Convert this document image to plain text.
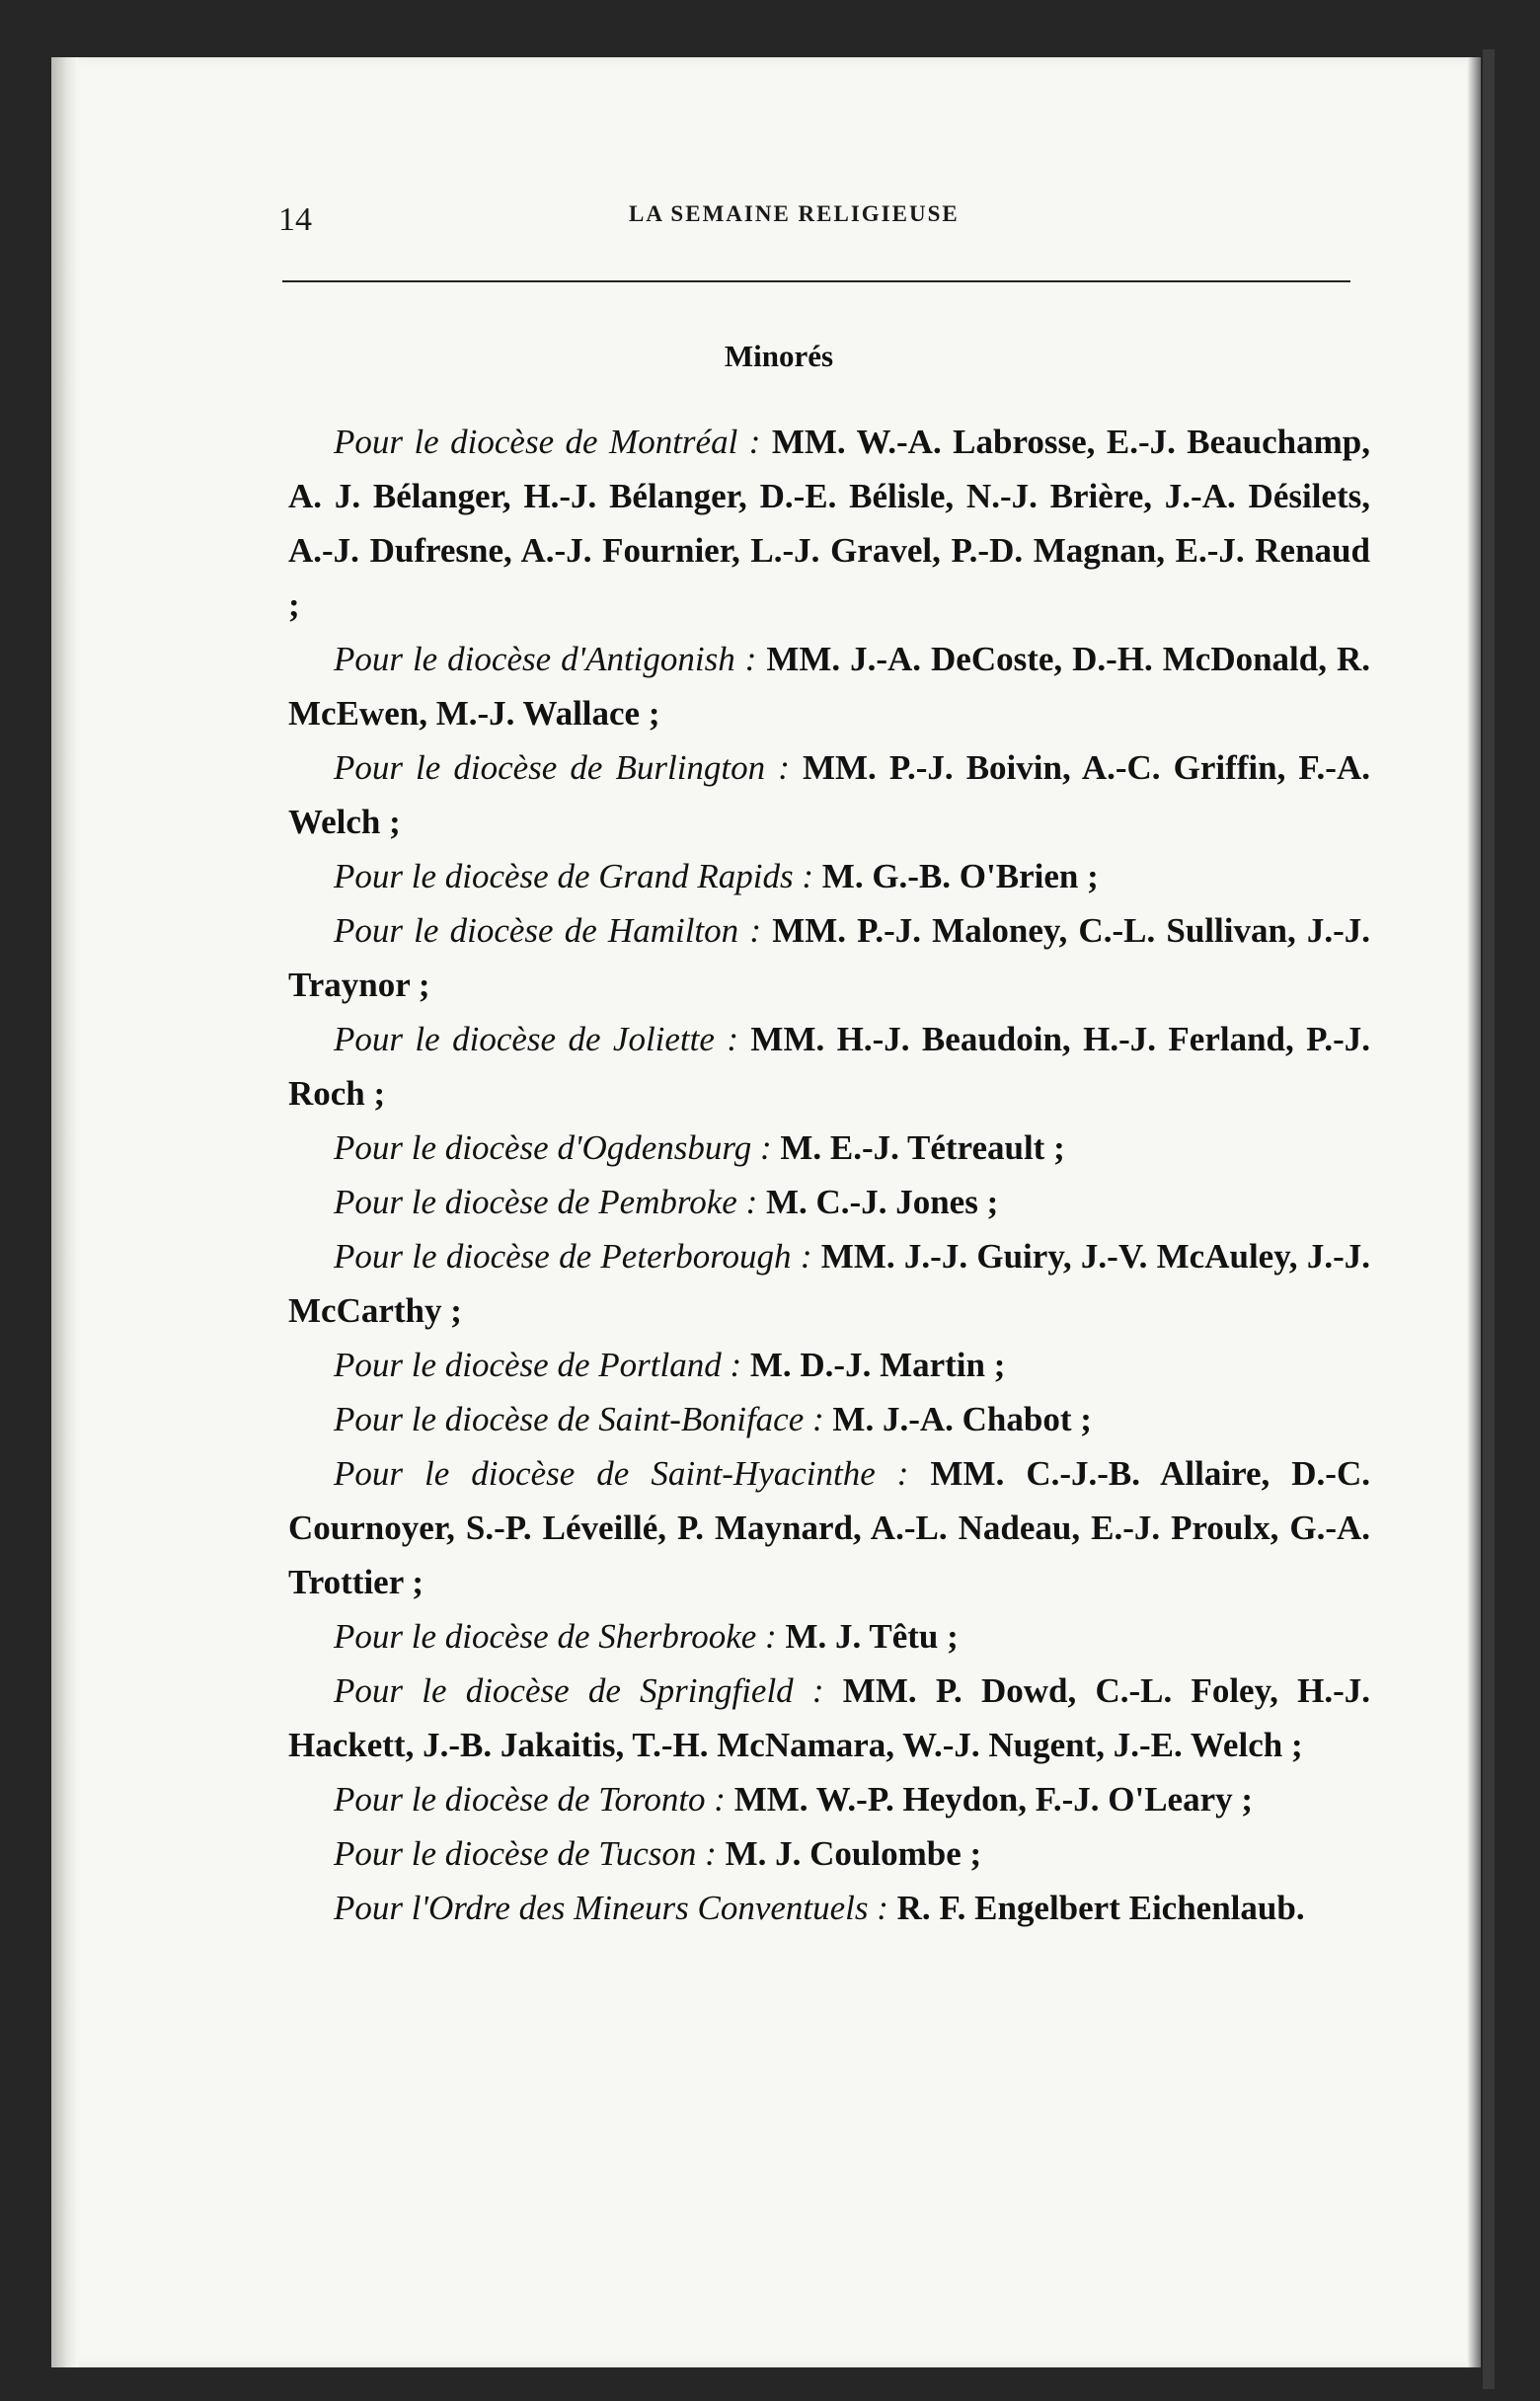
14	LA SEMAINE RELIGIEUSE
Minorés

Pour le diocèse de Montréal : MM. W.-A. Labrosse, E.-J. Beauchamp, A. J. Bélanger, H.-J. Bélanger, D.-E. Bélisle, N.-J. Brière, J.-A. Désilets, A.-J. Dufresne, A.-J. Fournier, L.-J. Gravel, P.-D. Magnan, E.-J. Renaud ;

Pour le diocèse d'Antigonish : MM. J.-A. DeCoste, D.-H. McDonald, R. McEwen, M.-J. Wallace ;

Pour le diocèse de Burlington : MM. P.-J. Boivin, A.-C. Griffin, F.-A. Welch ;

Pour le diocèse de Grand Rapids : M. G.-B. O'Brien ;

Pour le diocèse de Hamilton : MM. P.-J. Maloney, C.-L. Sullivan, J.-J. Traynor ;

Pour le diocèse de Joliette : MM. H.-J. Beaudoin, H.-J. Ferland, P.-J. Roch ;

Pour le diocèse d'Ogdensburg : M. E.-J. Tétreault ;

Pour le diocèse de Pembroke : M. C.-J. Jones ;

Pour le diocèse de Peterborough : MM. J.-J. Guiry, J.-V. McAuley, J.-J. McCarthy ;

Pour le diocèse de Portland : M. D.-J. Martin ;

Pour le diocèse de Saint-Boniface : M. J.-A. Chabot ;

Pour le diocèse de Saint-Hyacinthe : MM. C.-J.-B. Allaire, D.-C. Cournoyer, S.-P. Léveillé, P. Maynard, A.-L. Nadeau, E.-J. Proulx, G.-A. Trottier ;

Pour le diocèse de Sherbrooke : M. J. Têtu ;

Pour le diocèse de Springfield : MM. P. Dowd, C.-L. Foley, H.-J. Hackett, J.-B. Jakaitis, T.-H. McNamara, W.-J. Nugent, J.-E. Welch ;

Pour le diocèse de Toronto : MM. W.-P. Heydon, F.-J. O'Leary ;

Pour le diocèse de Tucson : M. J. Coulombe ;

Pour l'Ordre des Mineurs Conventuels : R. F. Engelbert Eichenlaub.
